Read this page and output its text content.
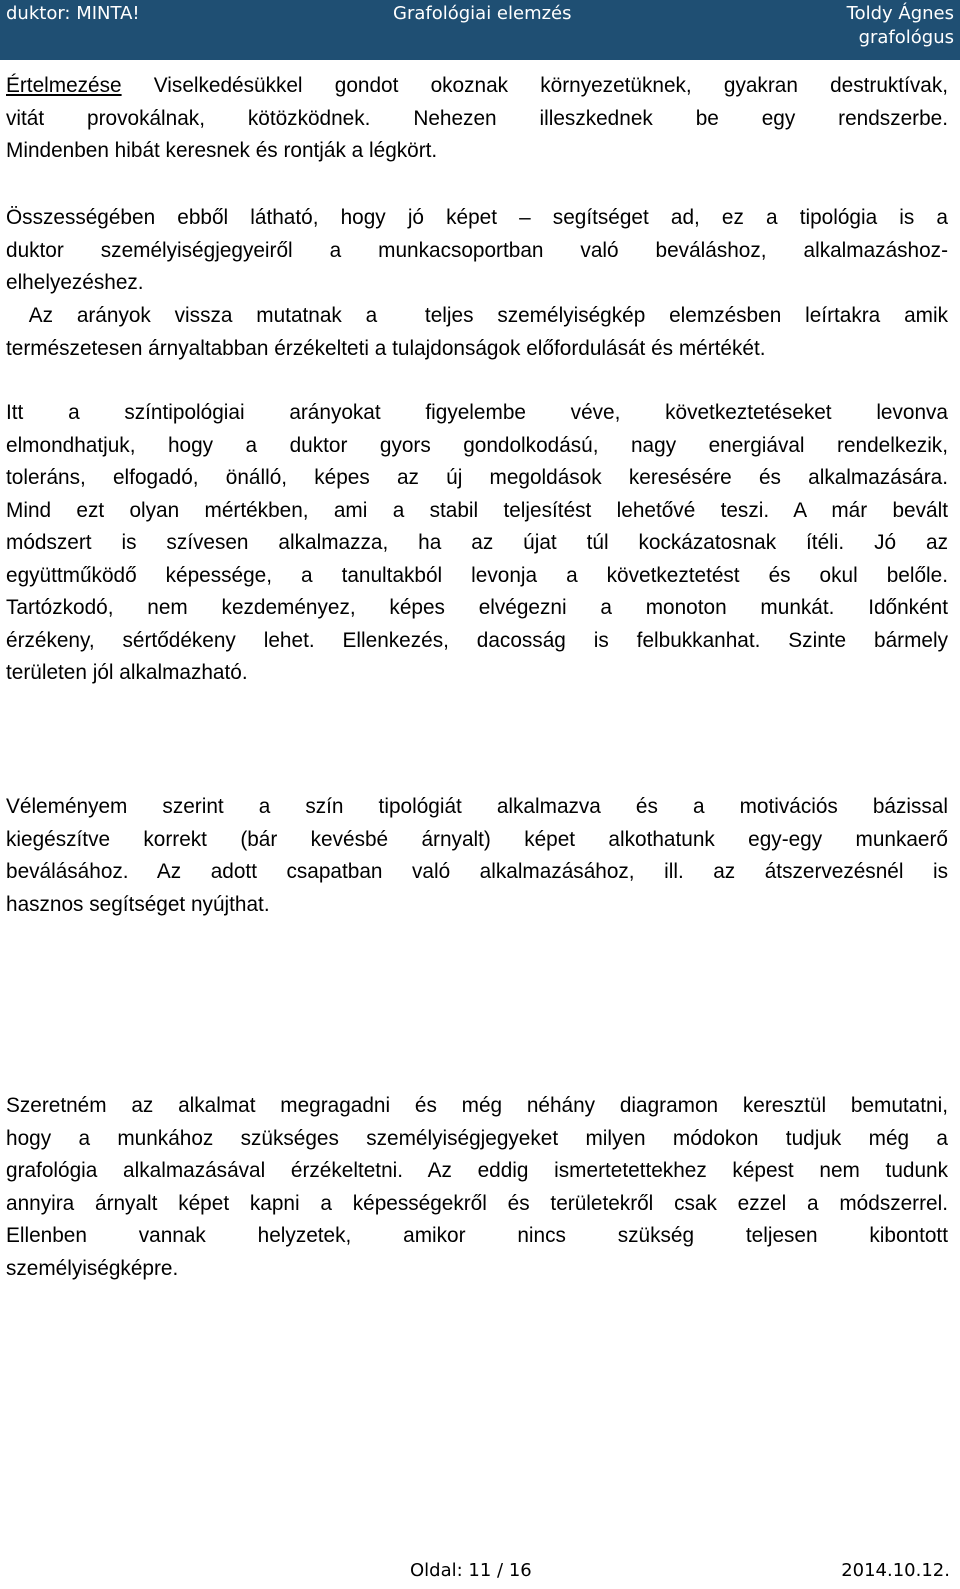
duktor: MINTA!	Grafológiai elemzés	Toldy Ágnes
grafológus
Értelmezése Viselkedésükkel gondot okoznak környezetüknek, gyakran destruktívak,
vitát provokálnak, kötözködnek. Nehezen illeszkednek be egy rendszerbe.
Mindenben hibát keresnek és rontják a légkört.
Összességében ebből látható, hogy jó képet – segítséget ad, ez a tipológia is a
duktor személyiségjegyeiről a munkacsoportban való beváláshoz, alkalmazáshoz-
elhelyezéshez.
Az arányok vissza mutatnak a  teljes személyiségkép elemzésben leírtakra amik
természetesen árnyaltabban érzékelteti a tulajdonságok előfordulását és mértékét.
Itt a színtipológiai arányokat figyelembe véve, következtetéseket levonva
elmondhatjuk, hogy a duktor gyors gondolkodású, nagy energiával rendelkezik,
toleráns, elfogadó, önálló, képes az új megoldások keresésére és alkalmazására.
Mind ezt olyan mértékben, ami a stabil teljesítést lehetővé teszi. A már bevált
módszert is szívesen alkalmazza, ha az újat túl kockázatosnak ítéli. Jó az
együttműködő képessége, a tanultakból levonja a következtetést és okul belőle.
Tartózkodó, nem kezdeményez, képes elvégezni a monoton munkát. Időnként
érzékeny, sértődékeny lehet. Ellenkezés, dacosság is felbukkanhat. Szinte bármely
területen jól alkalmazható.
Véleményem szerint a szín tipológiát alkalmazva és a motivációs bázissal
kiegészítve korrekt (bár kevésbé árnyalt) képet alkothatunk egy-egy munkaerő
beválásához. Az adott csapatban való alkalmazásához, ill. az átszervezésnél is
hasznos segítséget nyújthat.
Szeretném az alkalmat megragadni és még néhány diagramon keresztül bemutatni,
hogy a munkához szükséges személyiségjegyeket milyen módokon tudjuk még a
grafológia alkalmazásával érzékeltetni. Az eddig ismertetettekhez képest nem tudunk
annyira árnyalt képet kapni a képességekről és területekről csak ezzel a módszerrel.
Ellenben vannak helyzetek, amikor nincs szükség teljesen kibontott
személyiségképre.
Oldal: 11 / 16	2014.10.12.
